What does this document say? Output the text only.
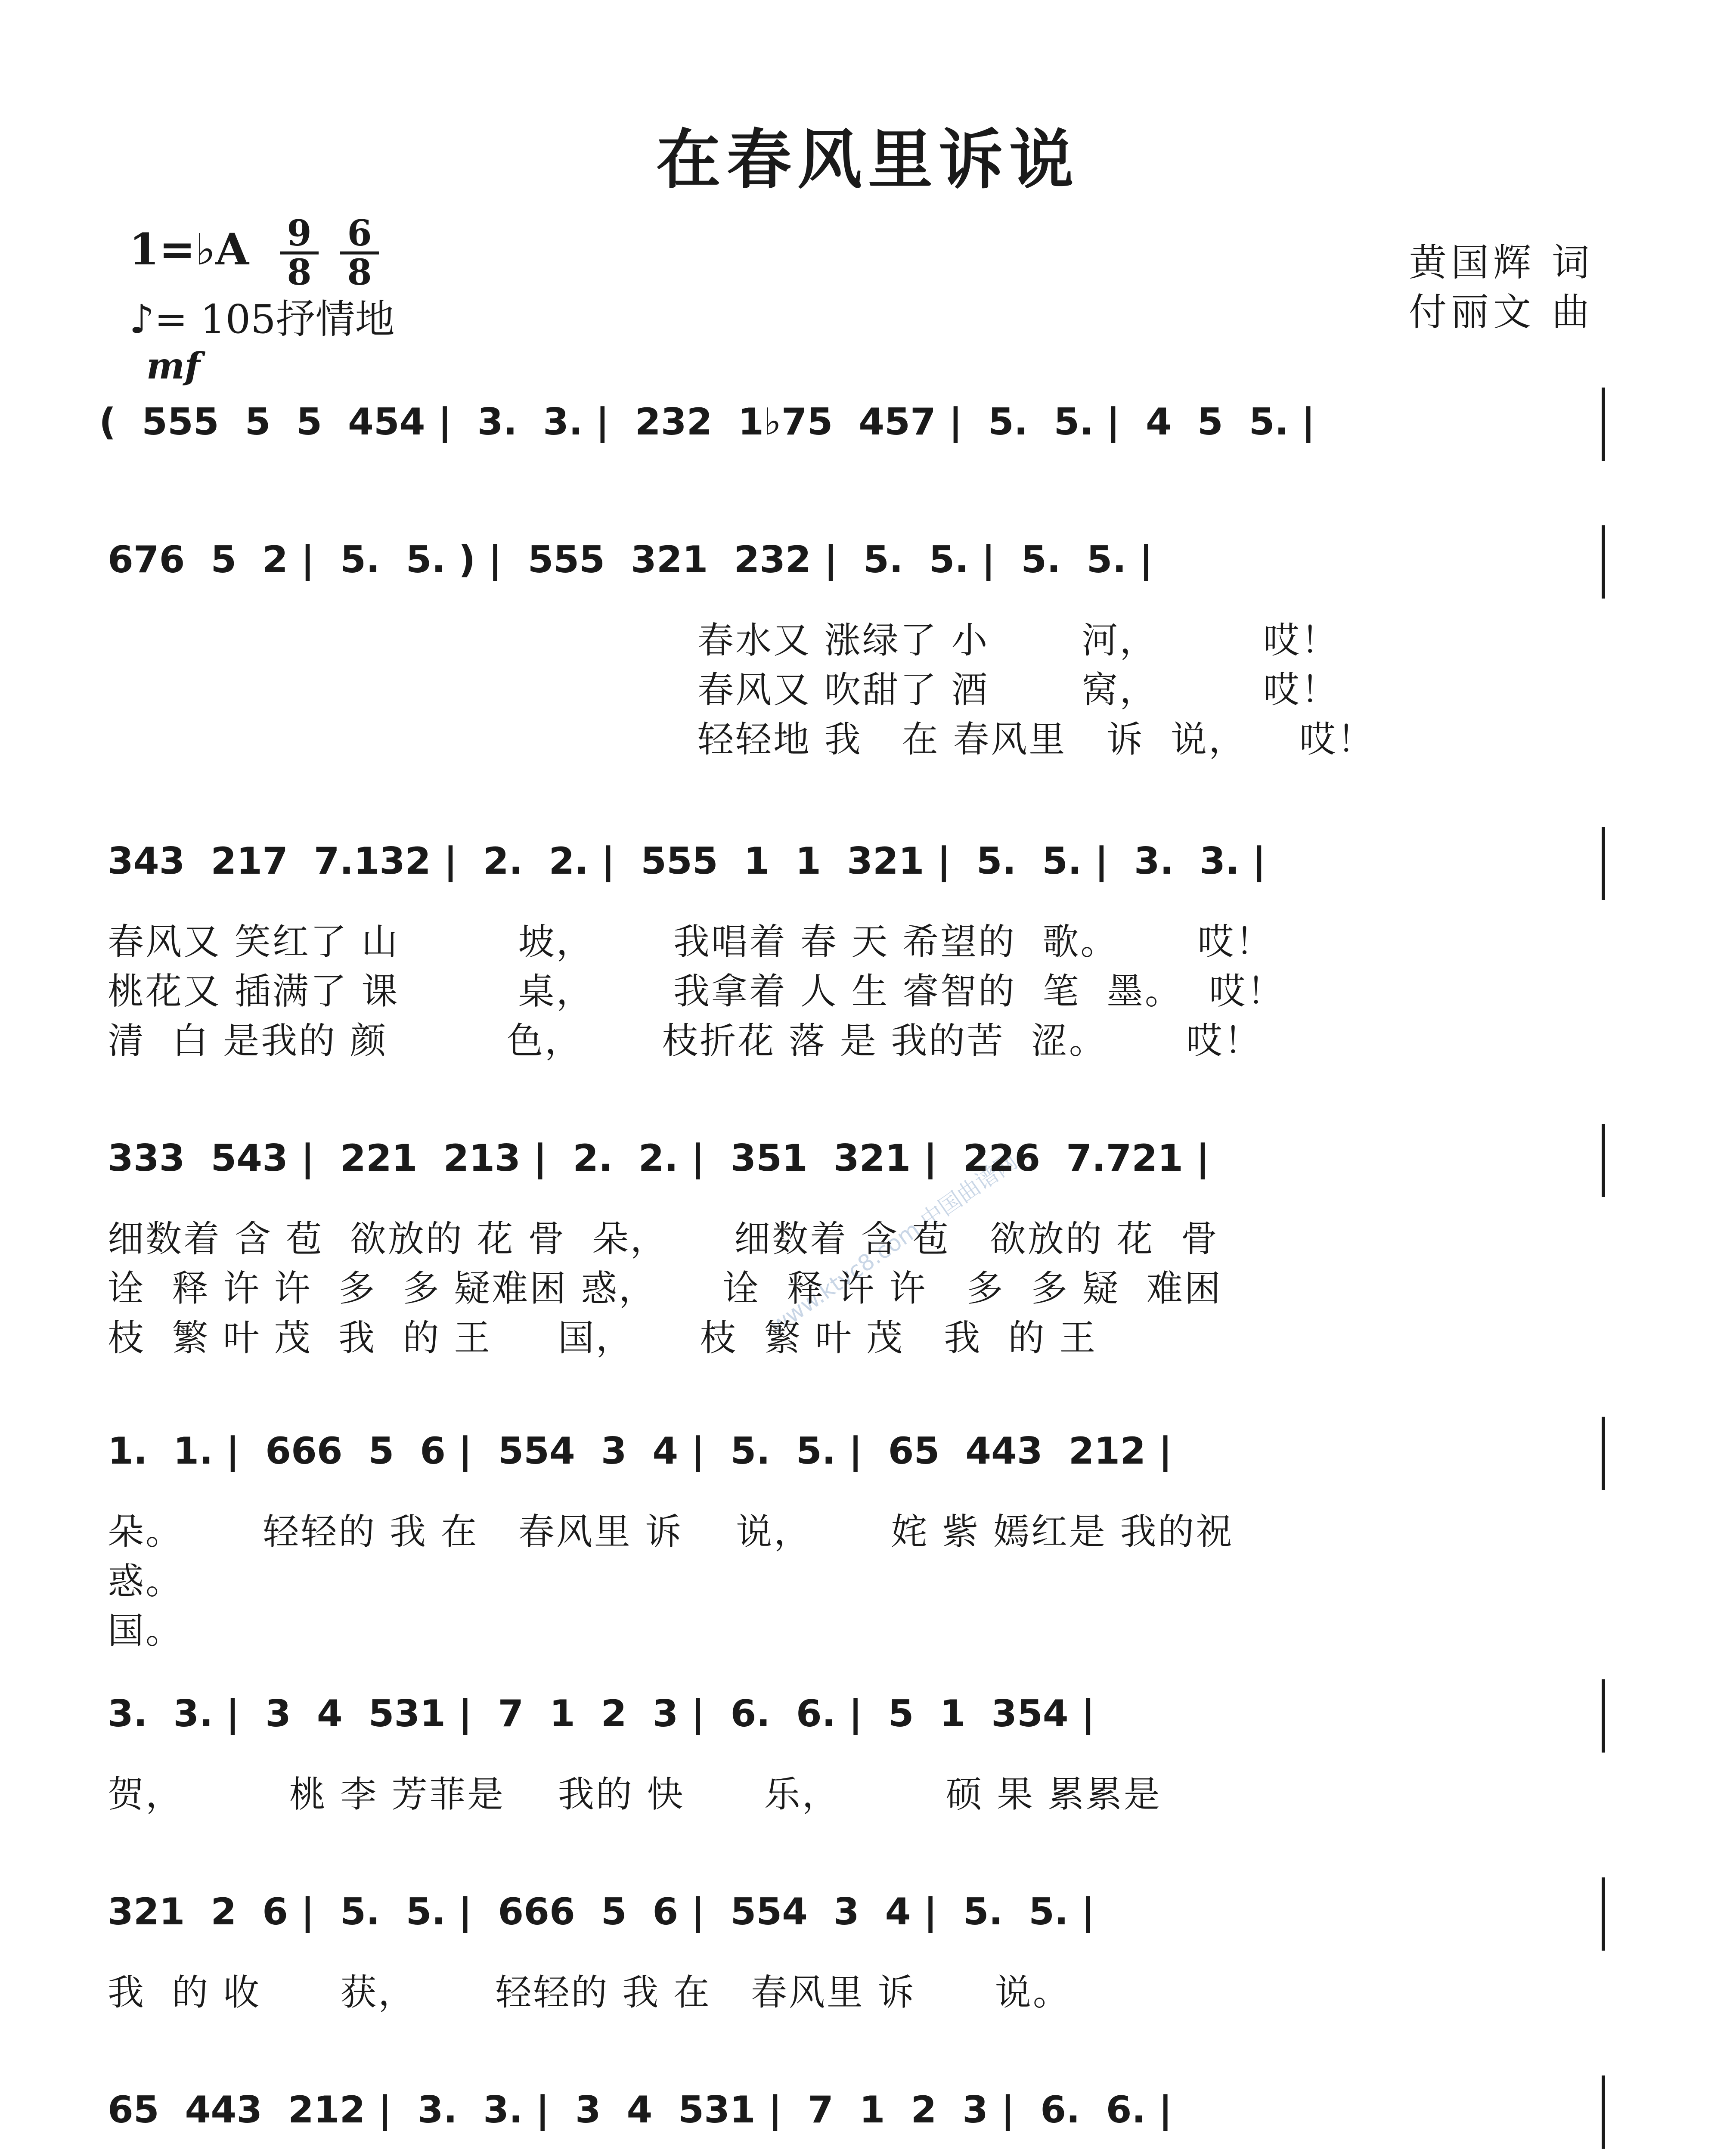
在春风里诉说
1=♭A $\frac{9}{8} \frac{6}{8}$
♪= 105抒情地
黄国辉 词
付丽文 曲
mf
www.ktvc8.com 中国曲谱网
(  555  5  5  454 |  3.  3. |  232  1♭75  457 |  5.  5. |  4  5  5. |
676  5  2 |  5.  5. ) |  555  321  232 |  5.  5. |  5.  5. |
春水又 涨绿了 小       河，        哎！
春风又 吹甜了 酒       窝，        哎！
轻轻地 我   在 春风里   诉  说，    哎！
343  217  7.132 |  2.  2. |  555  1  1  321 |  5.  5. |  3.  3. |
春风又 笑红了 山         坡，      我唱着 春 天 希望的  歌。      哎！
桃花又 插满了 课         桌，      我拿着 人 生 睿智的  笔  墨。  哎！
清  白 是我的 颜         色，      枝折花 落 是 我的苦  涩。      哎！
333  543 |  221  213 |  2.  2. |  351  321 |  226  7.721 |
细数着 含 苞  欲放的 花 骨  朵，     细数着 含 苞   欲放的 花  骨
诠  释 许 许  多  多 疑难困 惑，     诠  释 许 许   多  多 疑  难困
枝  繁 叶 茂  我  的 王     国，     枝  繁 叶 茂   我  的 王
1.  1. |  666  5  6 |  554  3  4 |  5.  5. |  65  443  212 |
朵。      轻轻的 我 在   春风里 诉    说，      姹 紫 嫣红是 我的祝
惑。
国。
3.  3. |  3  4  531 |  7  1  2  3 |  6.  6. |  5  1  354 |
贺，        桃 李 芳菲是    我的 快      乐，        硕 果 累累是
321  2  6 |  5.  5. |  666  5  6 |  554  3  4 |  5.  5. |
我  的 收      获，      轻轻的 我 在   春风里 诉      说。
65  443  212 |  3.  3. |  3  4  531 |  7  1  2  3 |  6.  6. |
